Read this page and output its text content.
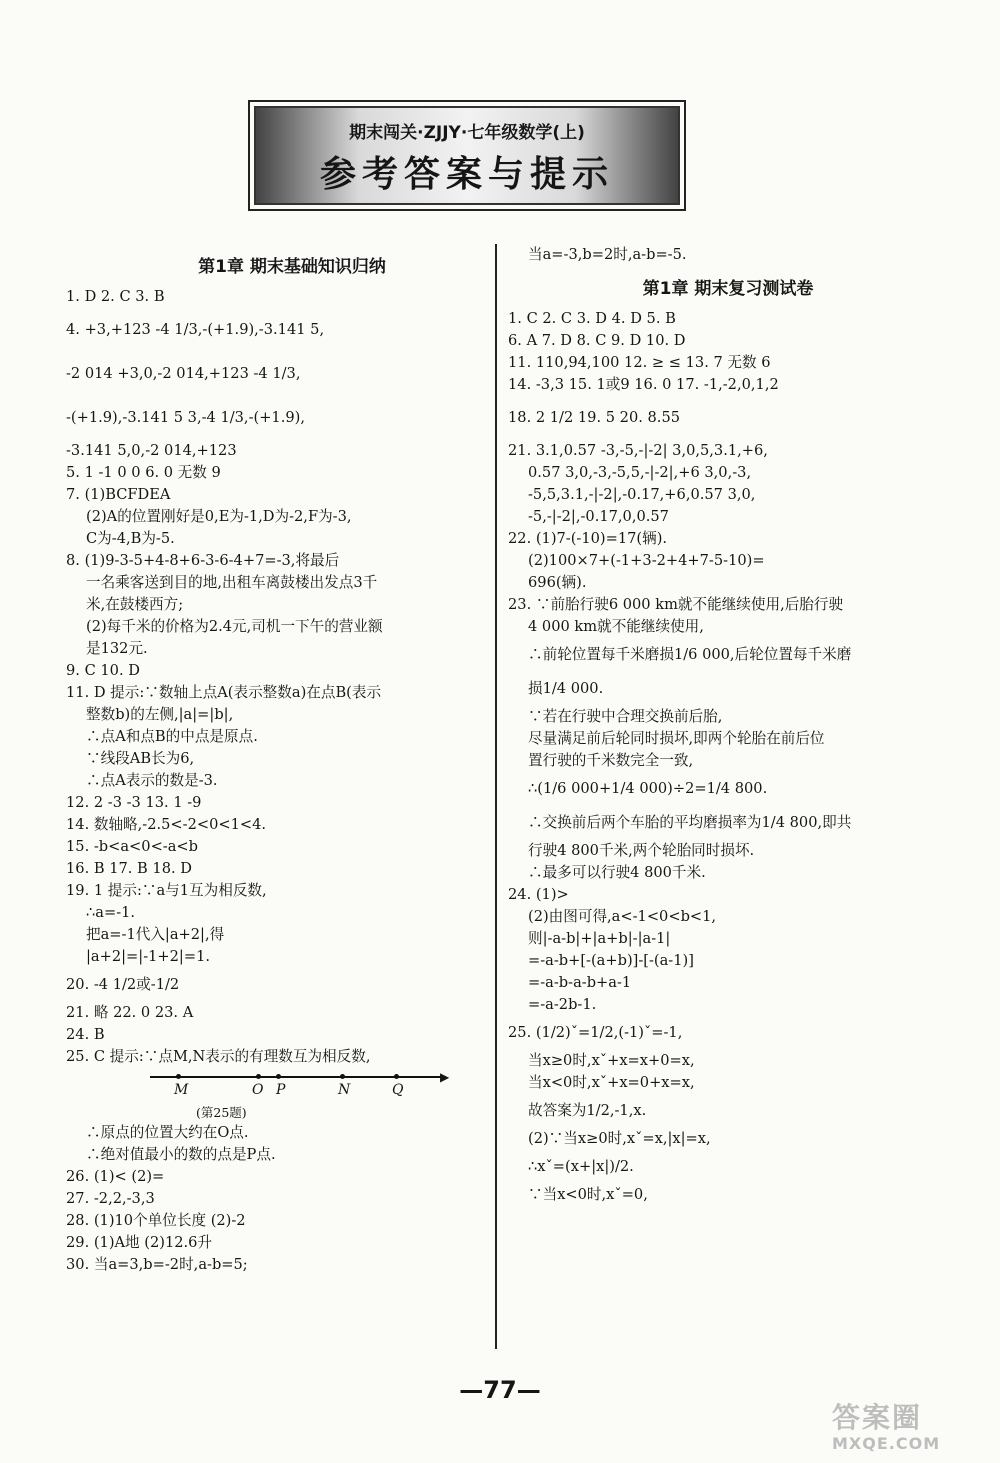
期末闯关·ZJJY·七年级数学(上)
参考答案与提示
第1章 期末基础知识归纳
1. D 2. C 3. B
4. +3,+123 -4 1/3,-(+1.9),-3.141 5,
-2 014 +3,0,-2 014,+123 -4 1/3,
-(+1.9),-3.141 5 3,-4 1/3,-(+1.9),
-3.141 5,0,-2 014,+123
5. 1 -1 0 0 6. 0 无数 9
7. (1)BCFDEA
(2)A的位置刚好是0,E为-1,D为-2,F为-3,
C为-4,B为-5.
8. (1)9-3-5+4-8+6-3-6-4+7=-3,将最后
一名乘客送到目的地,出租车离鼓楼出发点3千
米,在鼓楼西方;
(2)每千米的价格为2.4元,司机一下午的营业额
是132元.
9. C 10. D
11. D 提示:∵数轴上点A(表示整数a)在点B(表示
整数b)的左侧,|a|=|b|,
∴点A和点B的中点是原点.
∵线段AB长为6,
∴点A表示的数是-3.
12. 2 -3 -3 13. 1 -9
14. 数轴略,-2.5<-2<0<1<4.
15. -b<a<0<-a<b
16. B 17. B 18. D
19. 1 提示:∵a与1互为相反数,
∴a=-1.
把a=-1代入|a+2|,得
|a+2|=|-1+2|=1.
20. -4 1/2或-1/2
21. 略 22. 0 23. A
24. B
25. C 提示:∵点M,N表示的有理数互为相反数,
▶
M	O P	N	Q
(第25题)
∴原点的位置大约在O点.
∴绝对值最小的数的点是P点.
26. (1)< (2)=
27. -2,2,-3,3
28. (1)10个单位长度 (2)-2
29. (1)A地 (2)12.6升
30. 当a=3,b=-2时,a-b=5;
当a=-3,b=2时,a-b=-5.
第1章 期末复习测试卷
1. C 2. C 3. D 4. D 5. B
6. A 7. D 8. C 9. D 10. D
11. 110,94,100 12. ≥ ≤ 13. 7 无数 6
14. -3,3 15. 1或9 16. 0 17. -1,-2,0,1,2
18. 2 1/2 19. 5 20. 8.55
21. 3.1,0.57 -3,-5,-|-2| 3,0,5,3.1,+6,
0.57 3,0,-3,-5,5,-|-2|,+6 3,0,-3,
-5,5,3.1,-|-2|,-0.17,+6,0.57 3,0,
-5,-|-2|,-0.17,0,0.57
22. (1)7-(-10)=17(辆).
(2)100×7+(-1+3-2+4+7-5-10)=
696(辆).
23. ∵前胎行驶6 000 km就不能继续使用,后胎行驶
4 000 km就不能继续使用,
∴前轮位置每千米磨损1/6 000,后轮位置每千米磨
损1/4 000.
∵若在行驶中合理交换前后胎,
尽量满足前后轮同时损坏,即两个轮胎在前后位
置行驶的千米数完全一致,
∴(1/6 000+1/4 000)÷2=1/4 800.
∴交换前后两个车胎的平均磨损率为1/4 800,即共
行驶4 800千米,两个轮胎同时损坏.
∴最多可以行驶4 800千米.
24. (1)>
(2)由图可得,a<-1<0<b<1,
则|-a-b|+|a+b|-|a-1|
=-a-b+[-(a+b)]-[-(a-1)]
=-a-b-a-b+a-1
=-a-2b-1.
25. (1/2)ˇ=1/2,(-1)ˇ=-1,
当x≥0时,xˇ+x=x+0=x,
当x<0时,xˇ+x=0+x=x,
故答案为1/2,-1,x.
(2)∵当x≥0时,xˇ=x,|x|=x,
∴xˇ=(x+|x|)/2.
∵当x<0时,xˇ=0,
—77—
答案圈
MXQE.COM
